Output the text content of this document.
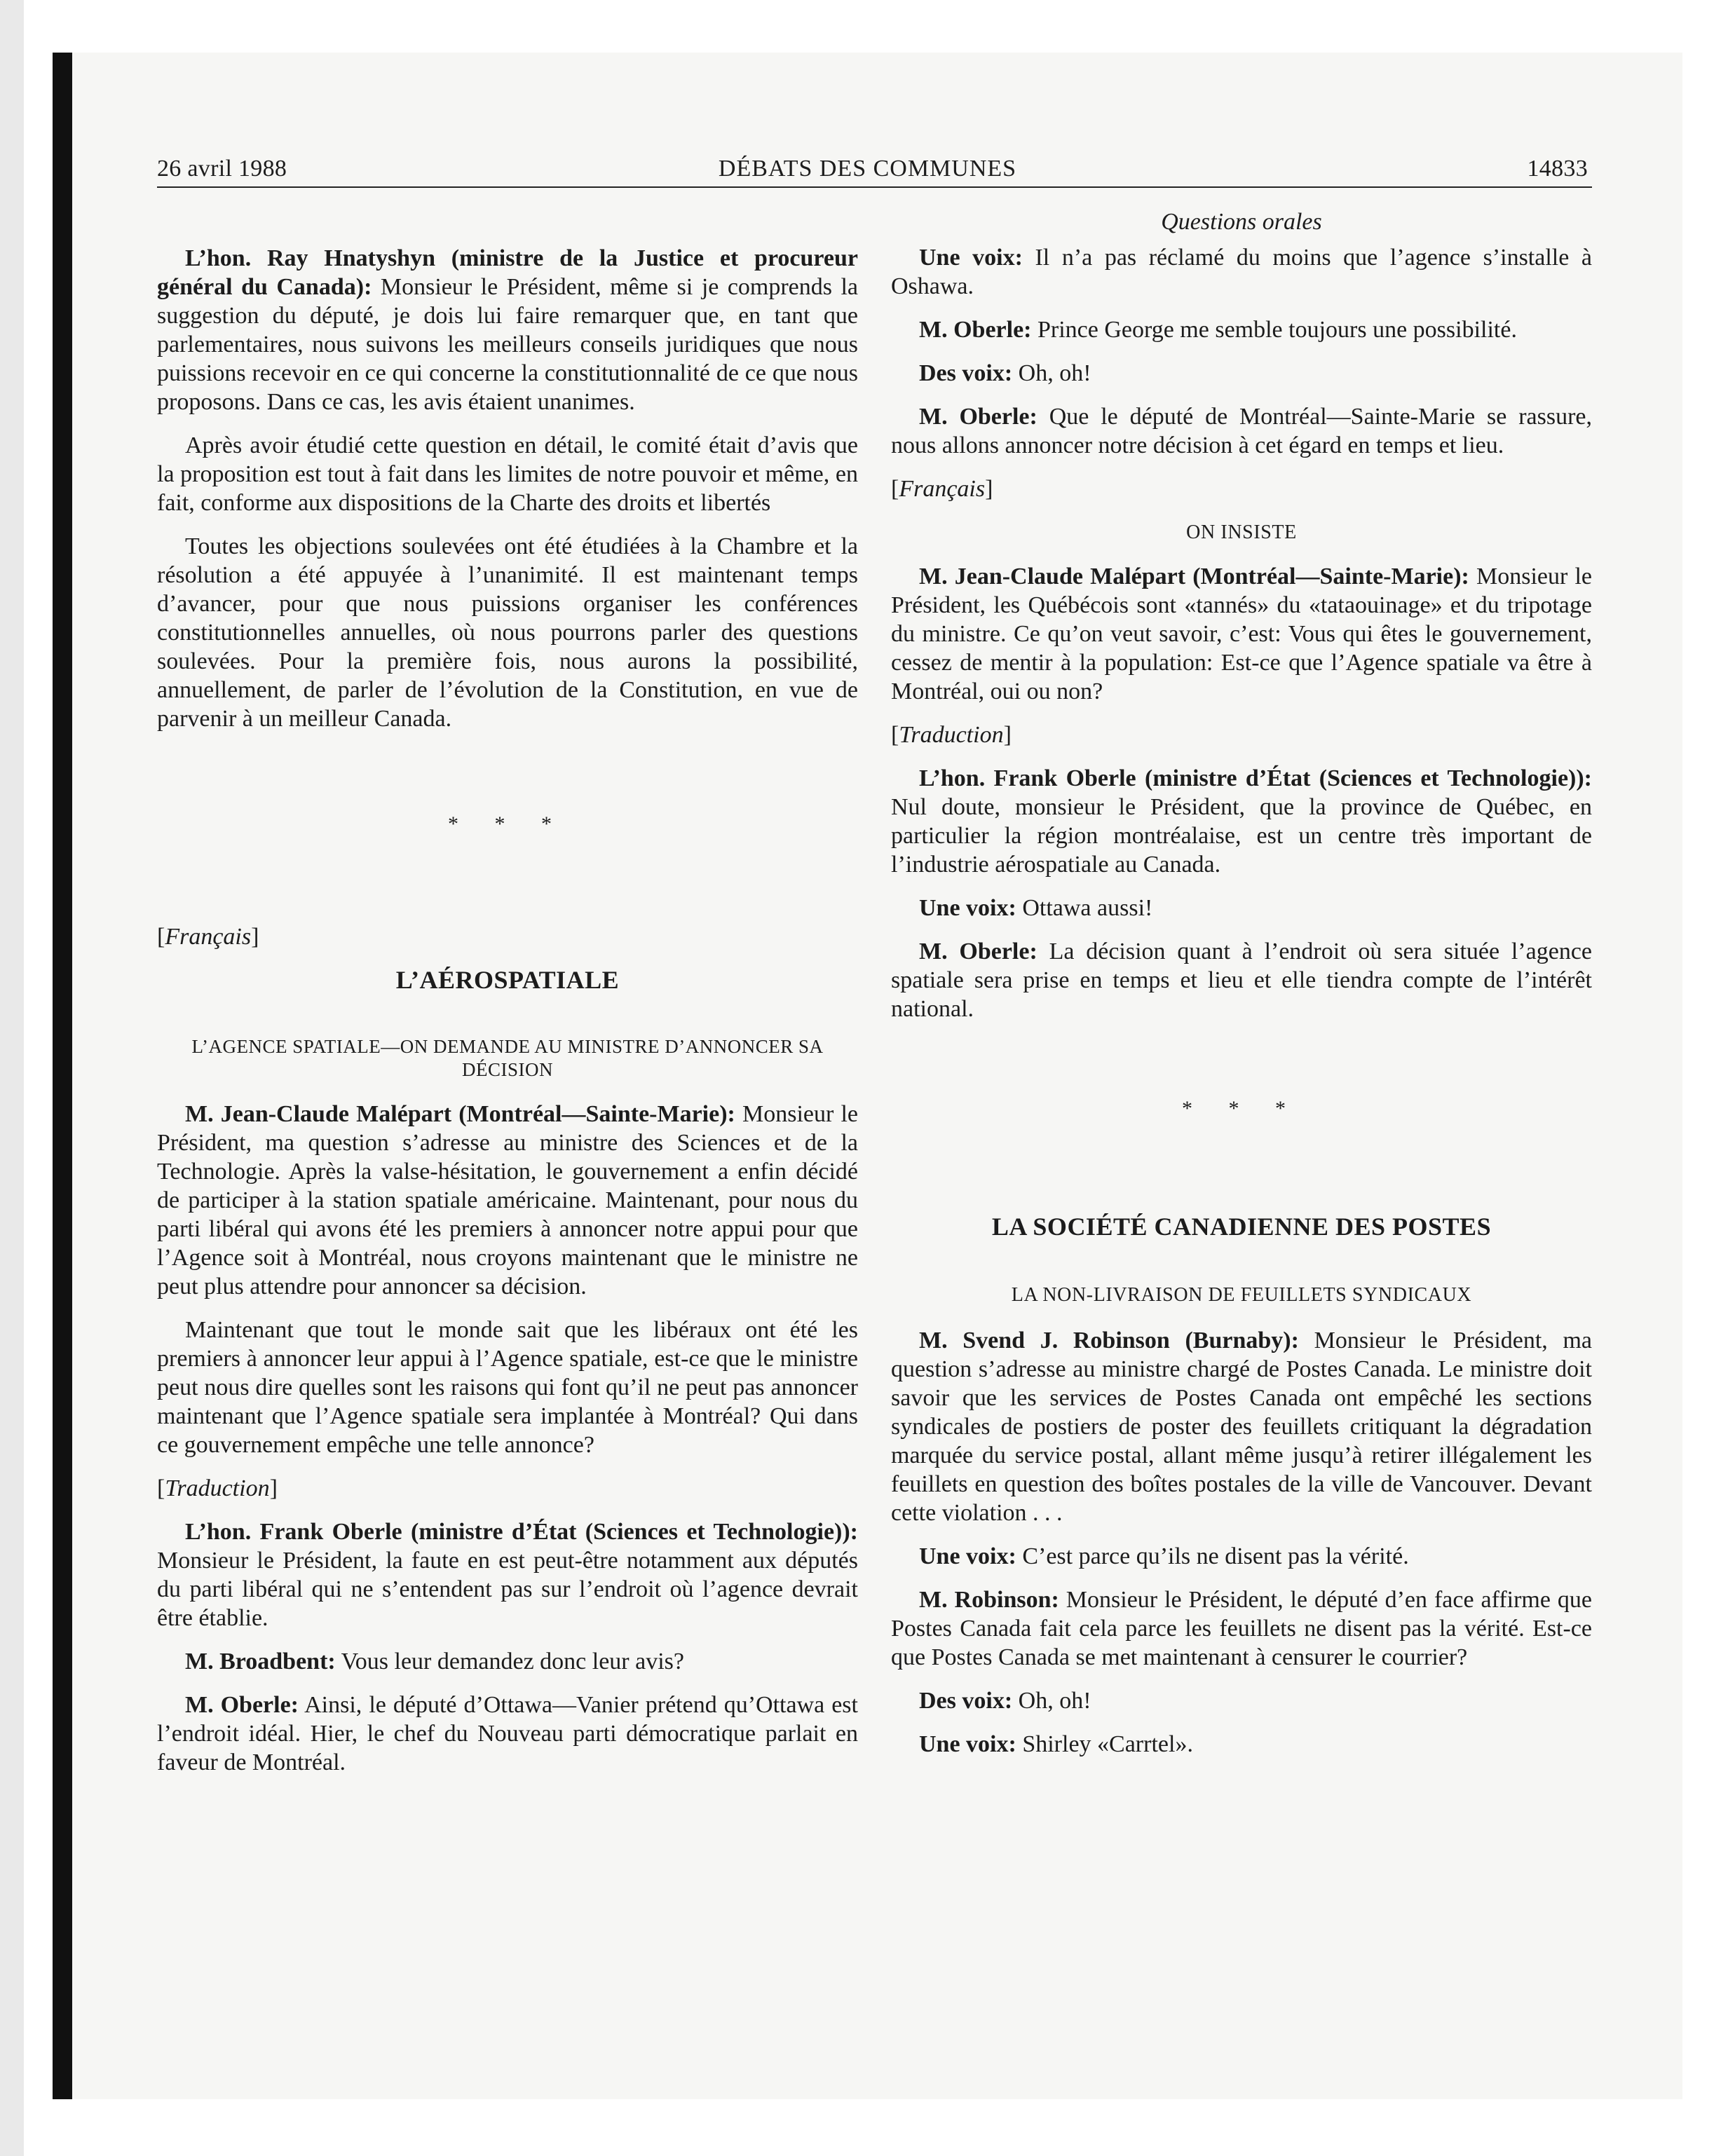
26 avril 1988	DÉBATS DES COMMUNES	14833

L’hon. Ray Hnatyshyn (ministre de la Justice et procureur général du Canada): Monsieur le Président, même si je comprends la suggestion du député, je dois lui faire remarquer que, en tant que parlementaires, nous suivons les meilleurs conseils juridiques que nous puissions recevoir en ce qui concerne la constitutionnalité de ce que nous proposons. Dans ce cas, les avis étaient unanimes.

Après avoir étudié cette question en détail, le comité était d’avis que la proposition est tout à fait dans les limites de notre pouvoir et même, en fait, conforme aux dispositions de la Charte des droits et libertés

Toutes les objections soulevées ont été étudiées à la Chambre et la résolution a été appuyée à l’unanimité. Il est maintenant temps d’avancer, pour que nous puissions organiser les conférences constitutionnelles annuelles, où nous pourrons parler des questions soulevées. Pour la première fois, nous aurons la possibilité, annuellement, de parler de l’évolution de la Constitution, en vue de parvenir à un meilleur Canada.

* * *
[Français]
L’AÉROSPATIALE
L’AGENCE SPATIALE—ON DEMANDE AU MINISTRE D’ANNONCER SA DÉCISION

M. Jean-Claude Malépart (Montréal—Sainte-Marie): Monsieur le Président, ma question s’adresse au ministre des Sciences et de la Technologie. Après la valse-hésitation, le gouvernement a enfin décidé de participer à la station spatiale américaine. Maintenant, pour nous du parti libéral qui avons été les premiers à annoncer notre appui pour que l’Agence soit à Montréal, nous croyons maintenant que le ministre ne peut plus attendre pour annoncer sa décision.

Maintenant que tout le monde sait que les libéraux ont été les premiers à annoncer leur appui à l’Agence spatiale, est-ce que le ministre peut nous dire quelles sont les raisons qui font qu’il ne peut pas annoncer maintenant que l’Agence spatiale sera implantée à Montréal? Qui dans ce gouvernement empêche une telle annonce?

[Traduction]

L’hon. Frank Oberle (ministre d’État (Sciences et Technologie)): Monsieur le Président, la faute en est peut-être notamment aux députés du parti libéral qui ne s’entendent pas sur l’endroit où l’agence devrait être établie.

M. Broadbent: Vous leur demandez donc leur avis?

M. Oberle: Ainsi, le député d’Ottawa—Vanier prétend qu’Ottawa est l’endroit idéal. Hier, le chef du Nouveau parti démocratique parlait en faveur de Montréal.

Questions orales

Une voix: Il n’a pas réclamé du moins que l’agence s’installe à Oshawa.

M. Oberle: Prince George me semble toujours une possibilité.

Des voix: Oh, oh!

M. Oberle: Que le député de Montréal—Sainte-Marie se rassure, nous allons annoncer notre décision à cet égard en temps et lieu.

[Français]
ON INSISTE

M. Jean-Claude Malépart (Montréal—Sainte-Marie): Monsieur le Président, les Québécois sont «tannés» du «tataouinage» et du tripotage du ministre. Ce qu’on veut savoir, c’est: Vous qui êtes le gouvernement, cessez de mentir à la population: Est-ce que l’Agence spatiale va être à Montréal, oui ou non?

[Traduction]

L’hon. Frank Oberle (ministre d’État (Sciences et Technologie)): Nul doute, monsieur le Président, que la province de Québec, en particulier la région montréalaise, est un centre très important de l’industrie aérospatiale au Canada.

Une voix: Ottawa aussi!

M. Oberle: La décision quant à l’endroit où sera située l’agence spatiale sera prise en temps et lieu et elle tiendra compte de l’intérêt national.

* * *
LA SOCIÉTÉ CANADIENNE DES POSTES
LA NON-LIVRAISON DE FEUILLETS SYNDICAUX

M. Svend J. Robinson (Burnaby): Monsieur le Président, ma question s’adresse au ministre chargé de Postes Canada. Le ministre doit savoir que les services de Postes Canada ont empêché les sections syndicales de postiers de poster des feuillets critiquant la dégradation marquée du service postal, allant même jusqu’à retirer illégalement les feuillets en question des boîtes postales de la ville de Vancouver. Devant cette violation . . .

Une voix: C’est parce qu’ils ne disent pas la vérité.

M. Robinson: Monsieur le Président, le député d’en face affirme que Postes Canada fait cela parce les feuillets ne disent pas la vérité. Est-ce que Postes Canada se met maintenant à censurer le courrier?

Des voix: Oh, oh!

Une voix: Shirley «Carrtel».
